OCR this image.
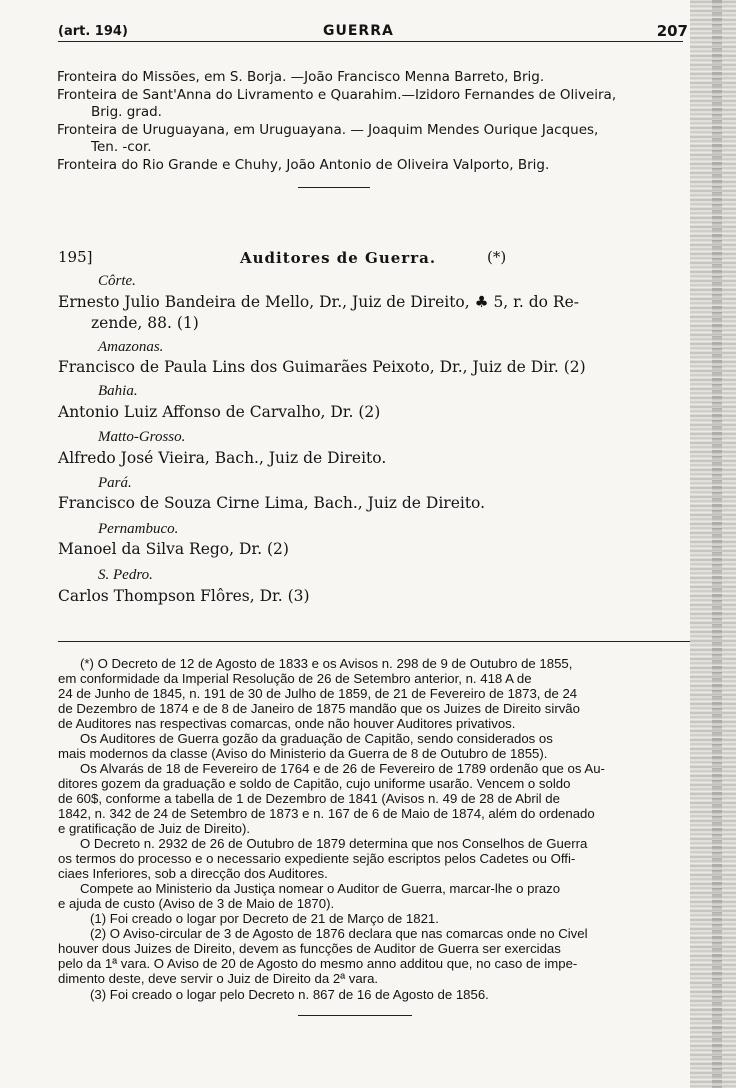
(art. 194)	GUERRA	207
Fronteira do Missões, em S. Borja. —João Francisco Menna Barreto, Brig.
Fronteira de Sant'Anna do Livramento e Quarahim.—Izidoro Fernandes de Oliveira,
Brig. grad.
Fronteira de Uruguayana, em Uruguayana. — Joaquim Mendes Ourique Jacques,
Ten. -cor.
Fronteira do Rio Grande e Chuhy, João Antonio de Oliveira Valporto, Brig.
195]	Auditores de Guerra.	(*)
Côrte.
Ernesto Julio Bandeira de Mello, Dr., Juiz de Direito, ♣ 5, r. do Re-
zende, 88. (1)
Amazonas.
Francisco de Paula Lins dos Guimarães Peixoto, Dr., Juiz de Dir. (2)
Bahia.
Antonio Luiz Affonso de Carvalho, Dr. (2)
Matto-Grosso.
Alfredo José Vieira, Bach., Juiz de Direito.
Pará.
Francisco de Souza Cirne Lima, Bach., Juiz de Direito.
Pernambuco.
Manoel da Silva Rego, Dr. (2)
S. Pedro.
Carlos Thompson Flôres, Dr. (3)
(*) O Decreto de 12 de Agosto de 1833 e os Avisos n. 298 de 9 de Outubro de 1855,
em conformidade da Imperial Resolução de 26 de Setembro anterior, n. 418 A de
24 de Junho de 1845, n. 191 de 30 de Julho de 1859, de 21 de Fevereiro de 1873, de 24
de Dezembro de 1874 e de 8 de Janeiro de 1875 mandão que os Juizes de Direito sirvão
de Auditores nas respectivas comarcas, onde não houver Auditores privativos.
Os Auditores de Guerra gozão da graduação de Capitão, sendo considerados os
mais modernos da classe (Aviso do Ministerio da Guerra de 8 de Outubro de 1855).
Os Alvarás de 18 de Fevereiro de 1764 e de 26 de Fevereiro de 1789 ordenão que os Au-
ditores gozem da graduação e soldo de Capitão, cujo uniforme usarão. Vencem o soldo
de 60$, conforme a tabella de 1 de Dezembro de 1841 (Avisos n. 49 de 28 de Abril de
1842, n. 342 de 24 de Setembro de 1873 e n. 167 de 6 de Maio de 1874, além do ordenado
e gratificação de Juiz de Direito).
O Decreto n. 2932 de 26 de Outubro de 1879 determina que nos Conselhos de Guerra
os termos do processo e o necessario expediente sejão escriptos pelos Cadetes ou Offi-
ciaes Inferiores, sob a direcção dos Auditores.
Compete ao Ministerio da Justiça nomear o Auditor de Guerra, marcar-lhe o prazo
e ajuda de custo (Aviso de 3 de Maio de 1870).
(1) Foi creado o logar por Decreto de 21 de Março de 1821.
(2) O Aviso-circular de 3 de Agosto de 1876 declara que nas comarcas onde no Civel
houver dous Juizes de Direito, devem as funcções de Auditor de Guerra ser exercidas
pelo da 1ª vara. O Aviso de 20 de Agosto do mesmo anno additou que, no caso de impe-
dimento deste, deve servir o Juiz de Direito da 2ª vara.
(3) Foi creado o logar pelo Decreto n. 867 de 16 de Agosto de 1856.
